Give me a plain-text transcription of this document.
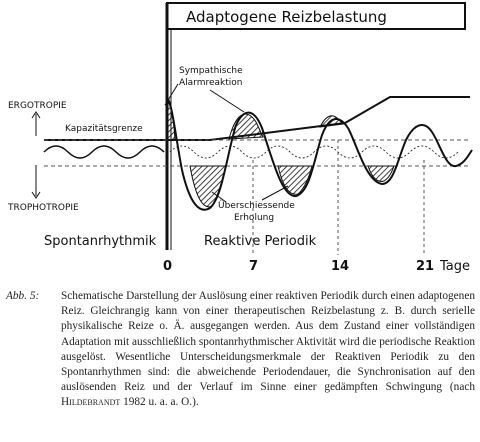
Adaptogene Reizbelastung
Sympathische
Alarmreaktion
ERGOTROPIE
Kapazitätsgrenze
TROPHOTROPIE	Überschiessende
Erholung
Spontanrhythmik	Reaktive Periodik
0	7	14	21 Tage
Abb. 5:	Schematische Darstellung der Auslösung einer reaktiven Periodik durch einen adaptogenen Reiz. Gleichrangig kann von einer therapeutischen Reizbelastung z. B. durch serielle physikalische Reize o. Ä. ausgegangen werden. Aus dem Zustand einer vollständigen Adaptation mit ausschließlich spontanrhythmischer Aktivität wird die periodische Reaktion ausgelöst. Wesentliche Unterscheidungsmerkmale der Reaktiven Periodik zu den Spontanrhythmen sind: die abweichende Periodendauer, die Synchronisation auf den auslösenden Reiz und der Verlauf im Sinne einer gedämpften Schwingung (nach Hildebrandt 1982 u. a. a. O.).
